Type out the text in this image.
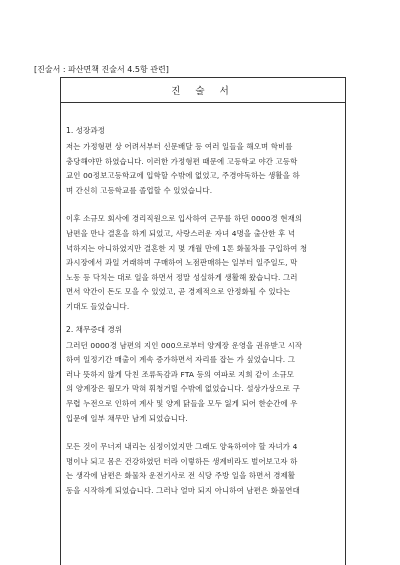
[진술서 : 파산면책 진술서 4.5항 관련]
진 술 서
1. 성장과정
저는 가정형편 상 어려서부터 신문배달 등 여러 일들을 해오며 학비를
충당해야만 하였습니다. 이러한 가정형편 때문에 고등학교 야간 고등학
교인 00정보고등학교에 입학할 수밖에 없었고, 주경야독하는 생활을 하
며 간신히 고등학교를 졸업할 수 있었습니다.
이후 소규모 회사에 경리직원으로 입사하여 근무를 하던 0000경 현재의
남편을 만나 결혼을 하게 되었고, 사랑스러운 자녀 4명을 출산한 후 넉
넉하지는 아니하였지만 결혼한 지 몇 개월 만에 1톤 화물차를 구입하여 청
과시장에서 과일 거래하며 구매하여 노점판매하는 일부터 일주일도, 막
노동 등 닥치는 대로 일을 하면서 정말 성실하게 생활해 왔습니다. 그러
면서 약간이 돈도 모을 수 있었고, 곧 경제적으로 안정화될 수 있다는
기대도 들었습니다.
2. 채무증대 경위
그러던 0000경 남편의 지인 000으로부터 양계장 운영을 권유받고 시작
하여 일정기간 매출이 계속 증가하면서 자리를 잡는 가 싶었습니다. 그
러나 뜻하지 않게 닥친 조류독감과 FTA 등의 여파로 지희 같이 소규모
의 양계장은 월모가 막혀 휘청거릴 수밖에 없었습니다. 설상가상으로 구
무렵 누전으로 인하여 계사 및 양계 닭들을 모두 잃게 되어 한순간에 우
입문에 일부 채무만 남게 되었습니다.
모든 것이 무너져 내리는 심정이었지만 그래도 양육하여야 할 자녀가 4
명이나 되고 몸은 건강하였던 터라 이렇하든 생계비라도 벌어보고자 하
는 생각에 남편은 화물차 운전기사로 전 식당 주방 일을 하면서 경제활
동을 시작하게 되었습니다. 그러나 얼마 되지 아니하여 남편은 화물연대
